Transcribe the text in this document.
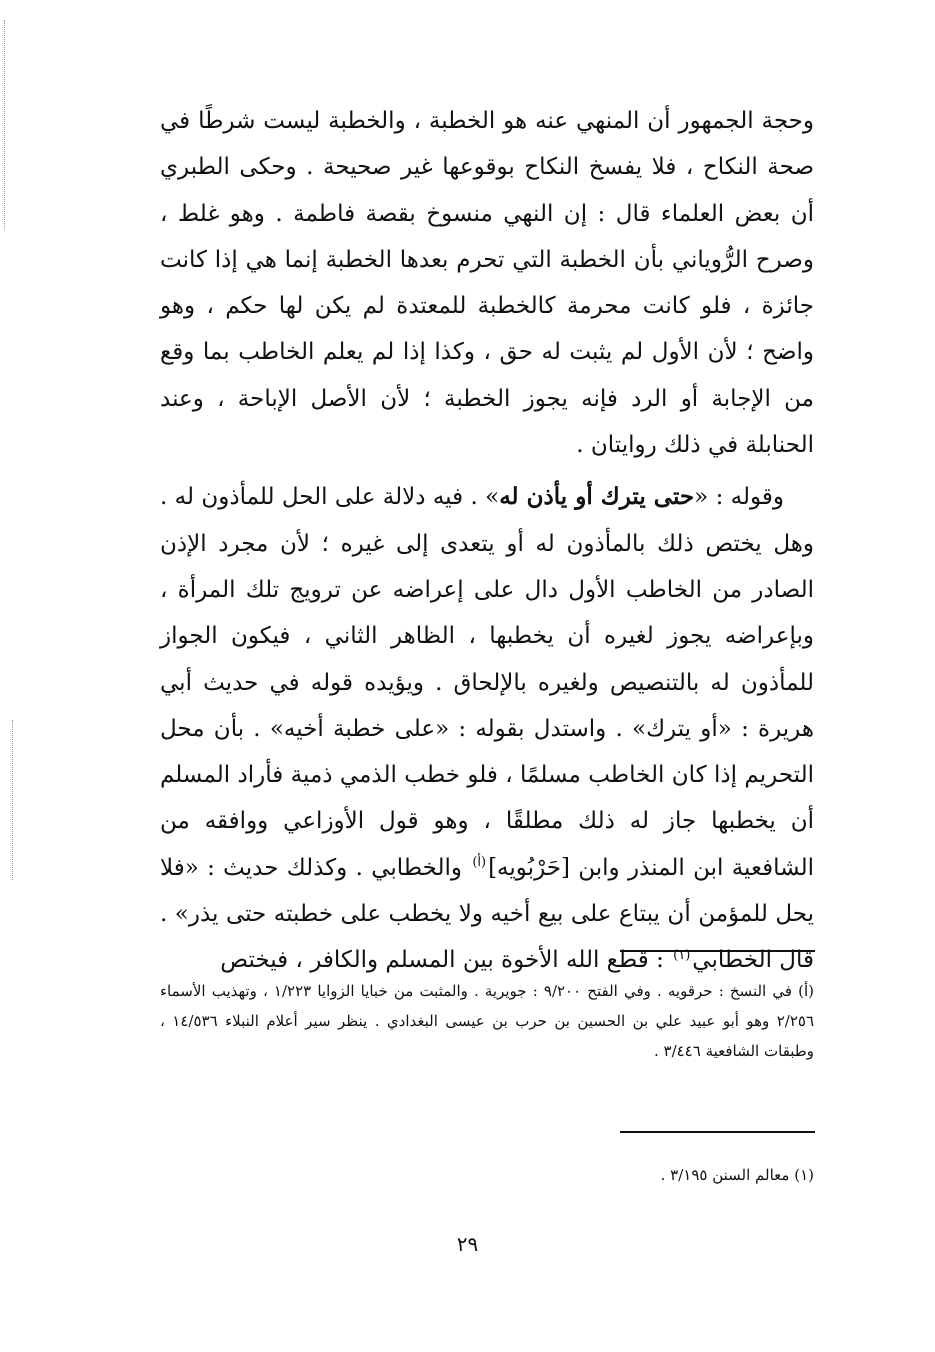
وحجة الجمهور أن المنهي عنه هو الخطبة ، والخطبة ليست شرطًا في صحة النكاح ، فلا يفسخ النكاح بوقوعها غير صحيحة . وحكى الطبري أن بعض العلماء قال : إن النهي منسوخ بقصة فاطمة . وهو غلط ، وصرح الرُّوياني بأن الخطبة التي تحرم بعدها الخطبة إنما هي إذا كانت جائزة ، فلو كانت محرمة كالخطبة للمعتدة لم يكن لها حكم ، وهو واضح ؛ لأن الأول لم يثبت له حق ، وكذا إذا لم يعلم الخاطب بما وقع من الإجابة أو الرد فإنه يجوز الخطبة ؛ لأن الأصل الإباحة ، وعند الحنابلة في ذلك روايتان .

وقوله : «حتى يترك أو يأذن له» . فيه دلالة على الحل للمأذون له . وهل يختص ذلك بالمأذون له أو يتعدى إلى غيره ؛ لأن مجرد الإذن الصادر من الخاطب الأول دال على إعراضه عن ترويج تلك المرأة ، وبإعراضه يجوز لغيره أن يخطبها ، الظاهر الثاني ، فيكون الجواز للمأذون له بالتنصيص ولغيره بالإلحاق . ويؤيده قوله في حديث أبي هريرة : «أو يترك» . واستدل بقوله : «على خطبة أخيه» . بأن محل التحريم إذا كان الخاطب مسلمًا ، فلو خطب الذمي ذمية فأراد المسلم أن يخطبها جاز له ذلك مطلقًا ، وهو قول الأوزاعي ووافقه من الشافعية ابن المنذر وابن [حَرْبُويه]$^{(أ)}$ والخطابي . وكذلك حديث : «فلا يحل للمؤمن أن يبتاع على بيع أخيه ولا يخطب على خطبته حتى يذر» . قال الخطابي$^{(١)}$ : قطع الله الأخوة بين المسلم والكافر ، فيختص

(أ) في النسخ : حرقويه . وفي الفتح ٩/٢٠٠ : جويرية . والمثبت من خبايا الزوايا ١/٢٢٣ ، وتهذيب الأسماء ٢/٢٥٦ وهو أبو عبيد علي بن الحسين بن حرب بن عيسى البغدادي . ينظر سير أعلام النبلاء ١٤/٥٣٦ ، وطبقات الشافعية ٣/٤٤٦ .
(١) معالم السنن ٣/١٩٥ .
٢٩
